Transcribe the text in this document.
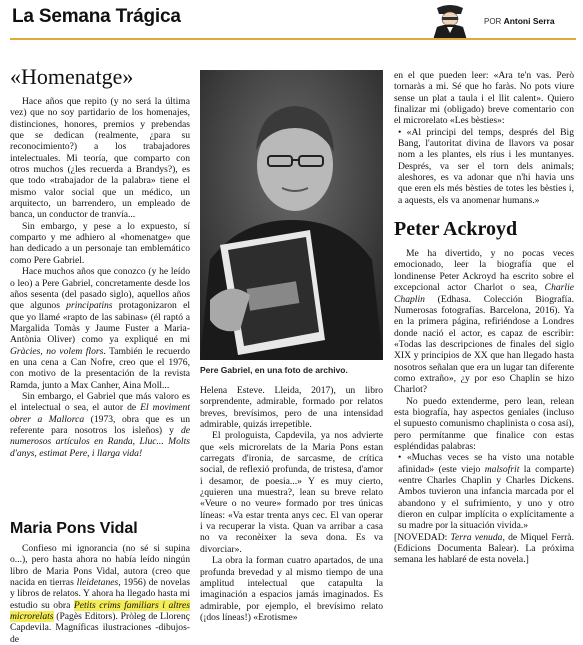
La Semana Trágica	POR Antoni Serra
«Homenatge»

Hace años que repito (y no será la última vez) que no soy partidario de los homenajes, distinciones, honores, premios y prebendas que se dedican (realmente, ¿para su reconocimiento?) a los trabajadores intelectuales. Mi teoría, que comparto con otros muchos (¿les recuerda a Brandys?), es que todo «trabajador de la palabra» tiene el mismo valor social que un médico, un arquitecto, un barrendero, un empleado de banca, un conductor de tranvía...

Sin embargo, y pese a lo expuesto, sí comparto y me adhiero al «homenatge» que han dedicado a un personaje tan emblemático como Pere Gabriel.

Hace muchos años que conozco (y he leído o leo) a Pere Gabriel, concretamente desde los años sesenta (del pasado siglo), aquellos años que algunos principatins protagonizaron el que yo llamé «rapto de las sabinas» (él raptó a Margalida Tomàs y Jaume Fuster a Maria-Antònia Oliver) como ya expliqué en mi Gràcies, no volem flors. También le recuerdo en una cena a Can Nofre, creo que el 1976, con motivo de la presentación de la revista Ramda, junto a Max Canher, Aina Moll...

Sin embargo, el Gabriel que más valoro es el intelectual o sea, el autor de El moviment obrer a Mallorca (1973, obra que es un referente para nosotros los isleños) y de numerosos artículos en Randa, Lluc... Molts d'anys, estimat Pere, i llarga vida!

Maria Pons Vidal

Confieso mi ignorancia (no sé si supina o...), pero hasta ahora no había leído ningún libro de Maria Pons Vidal, autora (creo que nacida en tierras lleidetanes, 1956) de novelas y libros de relatos. Y ahora ha llegado hasta mi estudio su obra Petits crims familiars i altres microrelats (Pagès Editors). Pròleg de Llorenç Capdevila. Magníficas ilustraciones -dibujos- de

Pere Gabriel, en una foto de archivo.

Helena Esteve. Lleida, 2017), un libro sorprendente, admirable, formado por relatos breves, brevísimos, pero de una intensidad admirable, quizás irrepetible.

El prologuista, Capdevila, ya nos advierte que «els microrelats de la Maria Pons estan carregats d'ironia, de sarcasme, de crítica social, de reflexió profunda, de tristesa, d'amor i desamor, de poesia...» Y es muy cierto, ¿quieren una muestra?, lean su breve relato «Veure o no veure» formado por tres únicas líneas: «Va estar trenta anys cec. El van operar i va recuperar la vista. Quan va arribar a casa no va reconèixer la seva dona. Es va divorciar».

La obra la forman cuatro apartados, de una profunda brevedad y al mismo tiempo de una amplitud intelectual que catapulta la imaginación a espacios jamás imaginados. Es admirable, por ejemplo, el brevísimo relato (¡dos líneas!) «Erotisme»

en el que pueden leer: «Ara te'n vas. Però tornaràs a mi. Sé que ho faràs. No pots viure sense un plat a taula i el llit calent». Quiero finalizar mi (obligado) breve comentario con el microrelato «Les bèsties»:

• «Al principi del temps, després del Big Bang, l'autoritat divina de llavors va posar nom a les plantes, els rius i les muntanyes. Després, va ser el torn dels animals; aleshores, es va adonar que n'hi havia uns que eren els més bèsties de totes les bèsties i, a aquests, els va anomenar humans.»

Peter Ackroyd

Me ha divertido, y no pocas veces emocionado, leer la biografía que el londinense Peter Ackroyd ha escrito sobre el excepcional actor Charlot o sea, Charlie Chaplin (Edhasa. Colección Biografía. Numerosas fotografías. Barcelona, 2016). Ya en la primera página, refiriéndose a Londres donde nació el actor, es capaz de escribir: «Todas las descripciones de finales del siglo XIX y principios de XX que han llegado hasta nosotros señalan que era un lugar tan diferente como extraño», ¿y por eso Chaplin se hizo Charlot?

No puedo extenderme, pero lean, relean esta biografía, hay aspectos geniales (incluso el supuesto comunismo chaplinista o cosa así), pero permítanme que finalice con estas espléndidas palabras:

• «Muchas veces se ha visto una notable afinidad» (este viejo malsofrit la comparte) «entre Charles Chaplin y Charles Dickens. Ambos tuvieron una infancia marcada por el abandono y el sufrimiento, y uno y otro dieron en culpar implícita o explícitamente a su madre por la situación vivida.»

[NOVEDAD: Terra venuda, de Miquel Ferrà. (Edicions Documenta Balear). La próxima semana les hablaré de esta novela.]
